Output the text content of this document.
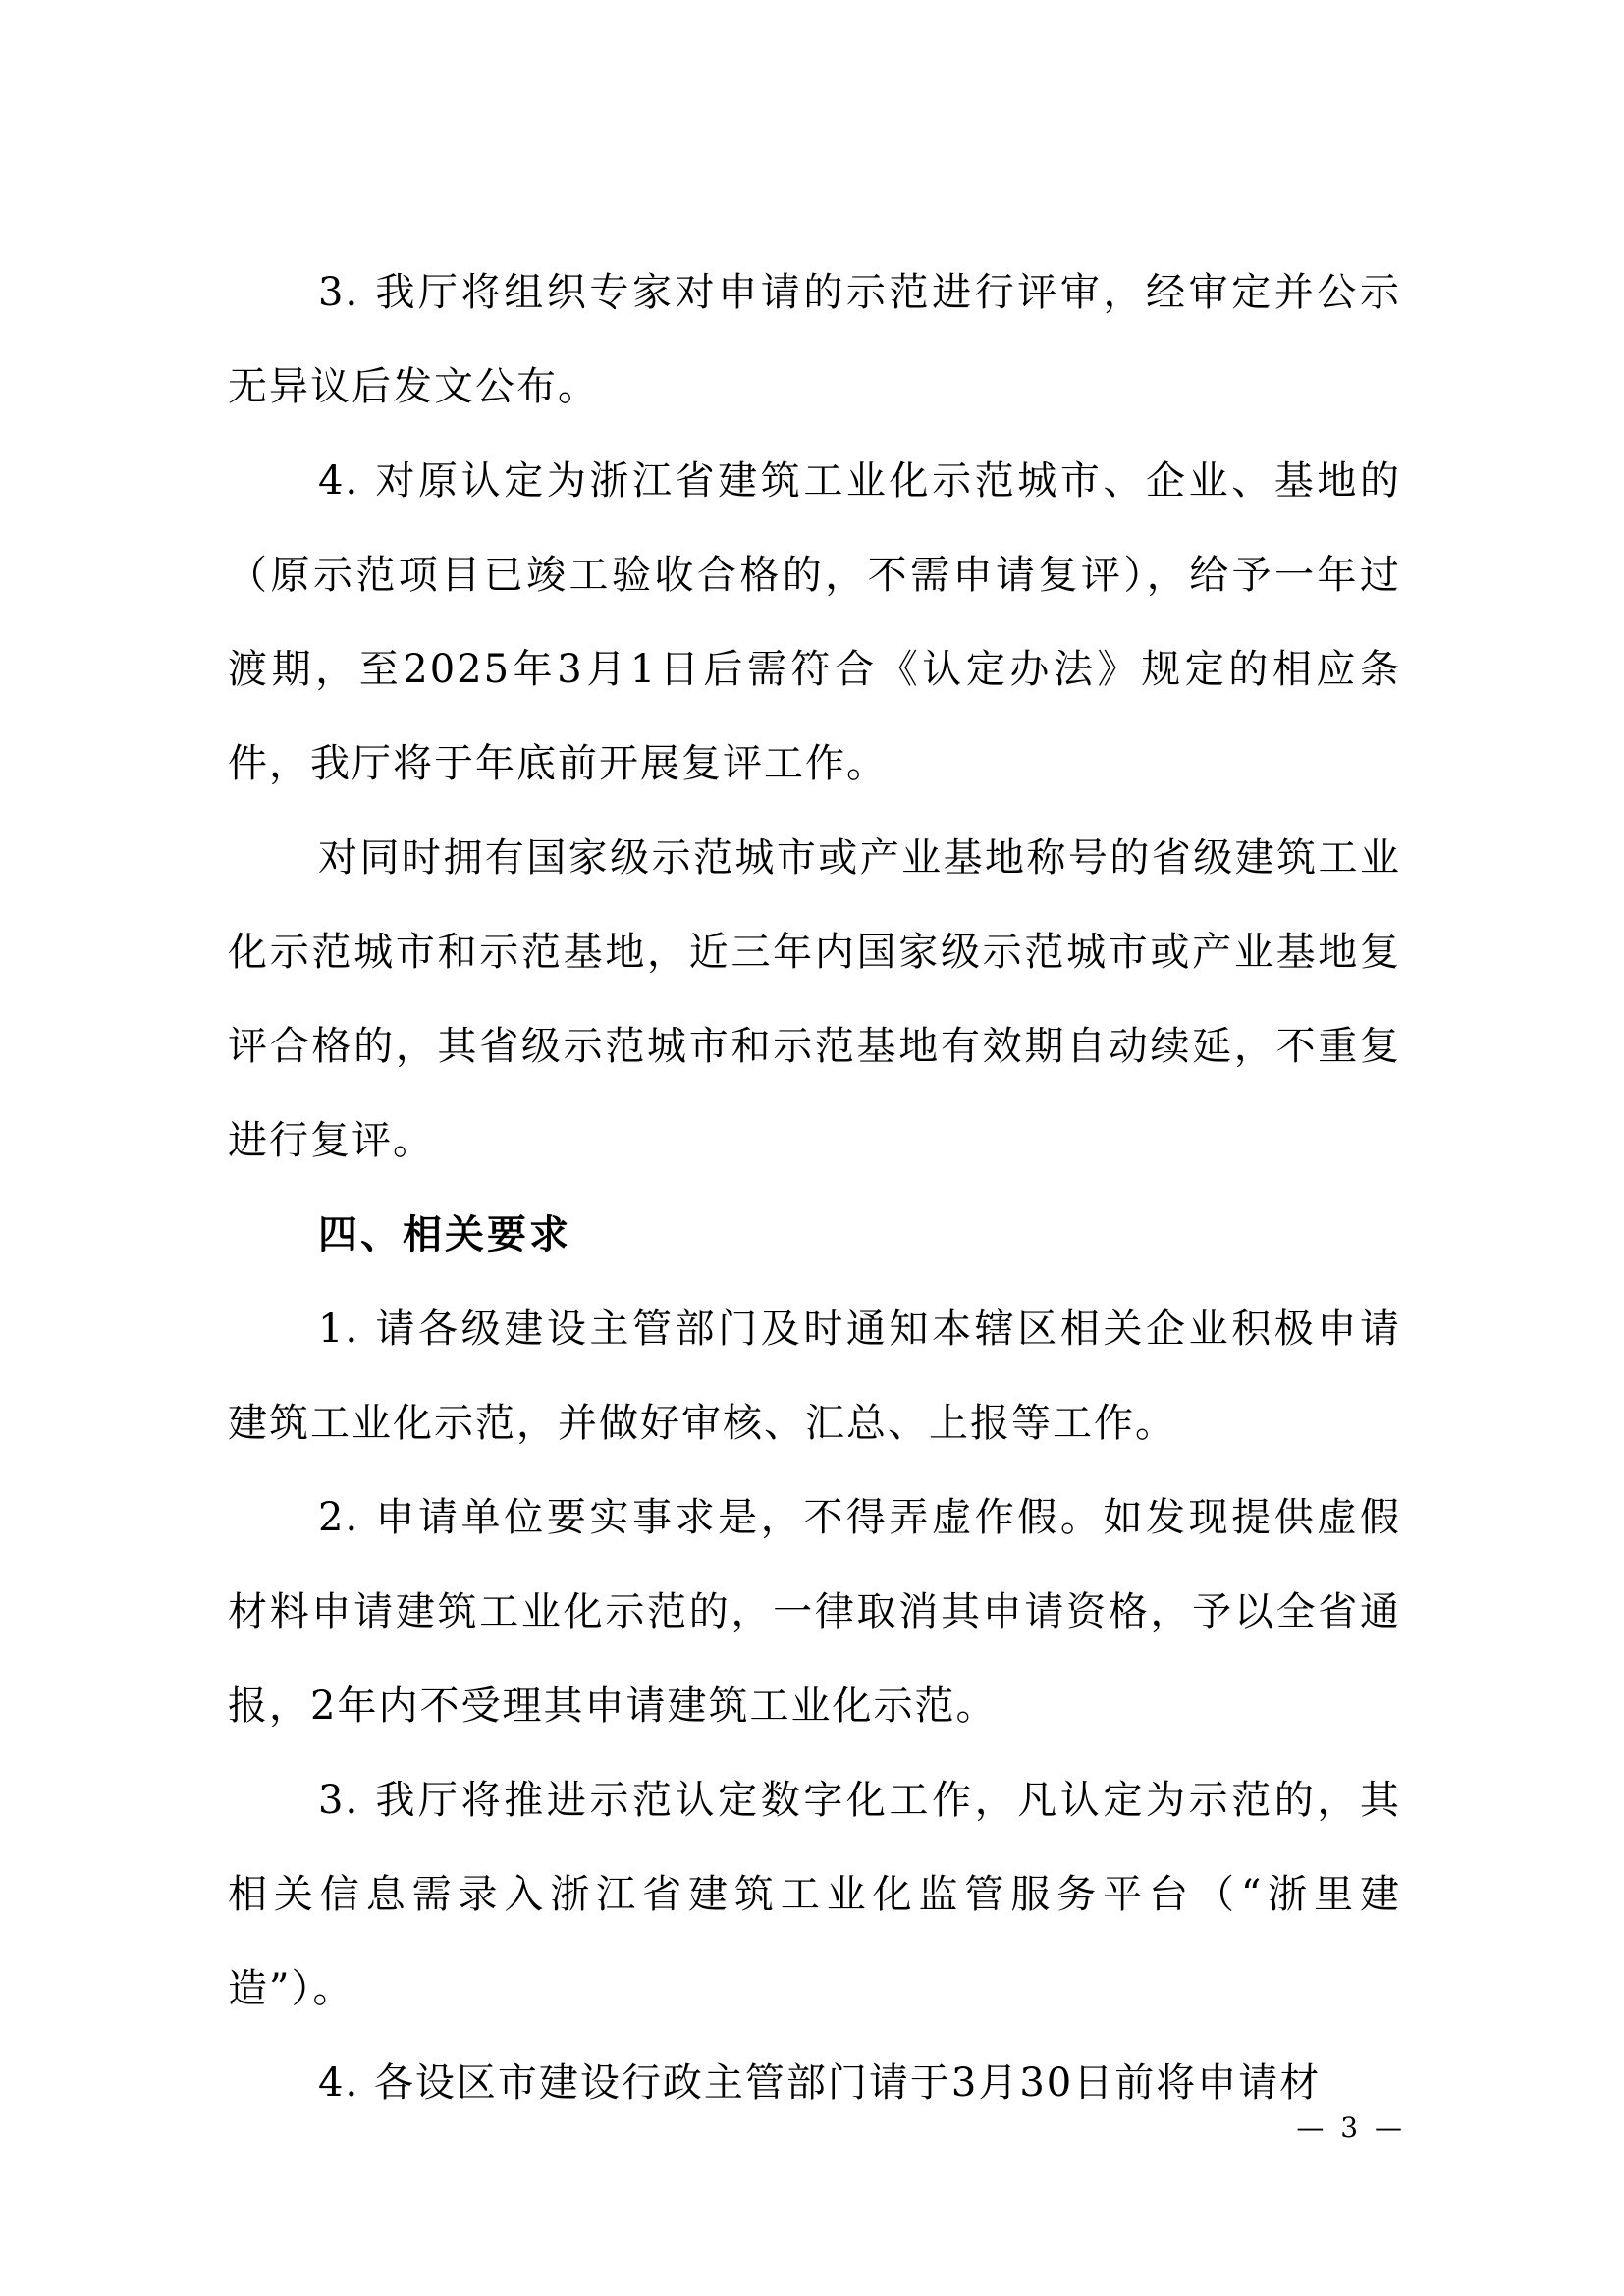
3. 我厅将组织专家对申请的示范进行评审，经审定并公示无异议后发文公布。

4. 对原认定为浙江省建筑工业化示范城市、企业、基地的（原示范项目已竣工验收合格的，不需申请复评），给予一年过渡期，至2025年3月1日后需符合《认定办法》规定的相应条件，我厅将于年底前开展复评工作。

对同时拥有国家级示范城市或产业基地称号的省级建筑工业化示范城市和示范基地，近三年内国家级示范城市或产业基地复评合格的，其省级示范城市和示范基地有效期自动续延，不重复进行复评。

四、相关要求

1. 请各级建设主管部门及时通知本辖区相关企业积极申请建筑工业化示范，并做好审核、汇总、上报等工作。

2. 申请单位要实事求是，不得弄虚作假。如发现提供虚假材料申请建筑工业化示范的，一律取消其申请资格，予以全省通报，2年内不受理其申请建筑工业化示范。

3. 我厅将推进示范认定数字化工作，凡认定为示范的，其相关信息需录入浙江省建筑工业化监管服务平台（“浙里建造”）。

4. 各设区市建设行政主管部门请于3月30日前将申请材

— 3 —
